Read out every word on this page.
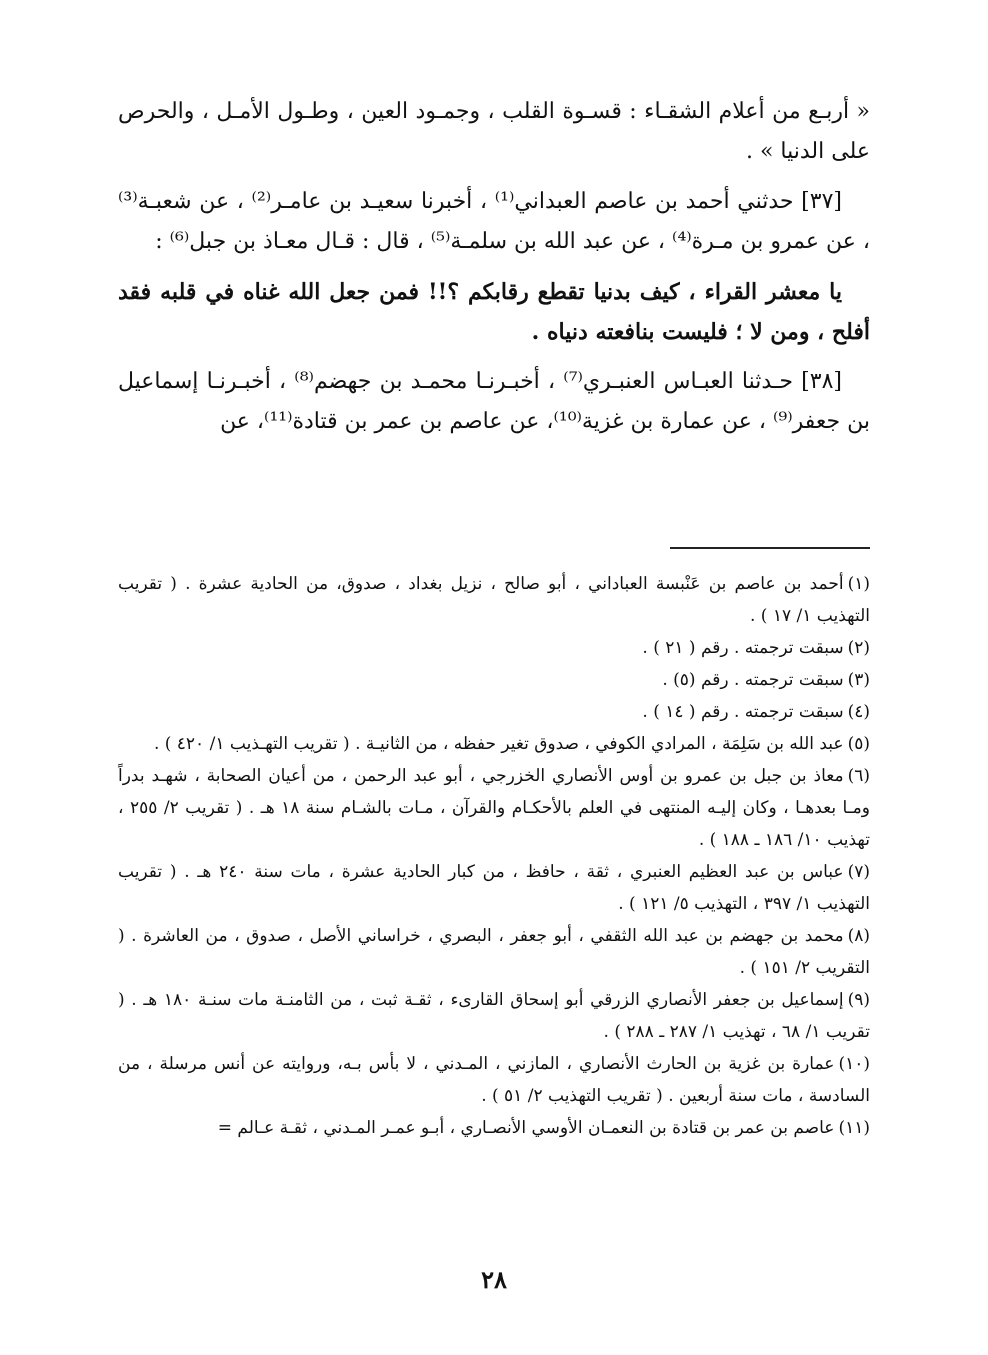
« أربـع من أعلام الشقـاء : قسـوة القلب ، وجمـود العين ، وطـول الأمـل ، والحرص على الدنيا » .

[٣٧] حدثني أحمد بن عاصم العبداني⁽¹⁾ ، أخبرنا سعيـد بن عامـر⁽²⁾ ، عن شعبـة⁽³⁾ ، عن عمرو بن مـرة⁽⁴⁾ ، عن عبد الله بن سلمـة⁽⁵⁾ ، قال : قـال معـاذ بن جبل⁽⁶⁾ :

يا معشر القراء ، كيف بدنيا تقطع رقابكم ؟!! فمن جعل الله غناه في قلبه فقد أفلح ، ومن لا ؛ فليست بنافعته دنياه .

[٣٨] حـدثنا العبـاس العنبـري⁽⁷⁾ ، أخبـرنـا محمـد بن جهضم⁽⁸⁾ ، أخبـرنـا إسماعيل بن جعفر⁽⁹⁾ ، عن عمارة بن غزية⁽¹⁰⁾، عن عاصم بن عمر بن قتادة⁽¹¹⁾، عن

(١)أحمد بن عاصم بن عَنْبسة العباداني ، أبو صالح ، نزيل بغداد ، صدوق، من الحادية عشرة . ( تقريب التهذيب ١/ ١٧ ) .
(٢)سبقت ترجمته . رقم ( ٢١ ) .
(٣)سبقت ترجمته . رقم (٥) .
(٤)سبقت ترجمته . رقم ( ١٤ ) .
(٥)عبد الله بن سَلِمَة ، المرادي الكوفي ، صدوق تغير حفظه ، من الثانيـة . ( تقريب التهـذيب ١/ ٤٢٠ ) .
(٦)معاذ بن جبل بن عمرو بن أوس الأنصاري الخزرجي ، أبو عبد الرحمن ، من أعيان الصحابة ، شهـد بدراً ومـا بعدهـا ، وكان إليـه المنتهى في العلم بالأحكـام والقرآن ، مـات بالشـام سنة ١٨ هـ . ( تقريب ٢/ ٢٥٥ ، تهذيب ١٠/ ١٨٦ ـ ١٨٨ ) .
(٧)عباس بن عبد العظيم العنبري ، ثقة ، حافظ ، من كبار الحادية عشرة ، مات سنة ٢٤٠ هـ . ( تقريب التهذيب ١/ ٣٩٧ ، التهذيب ٥/ ١٢١ ) .
(٨)محمد بن جهضم بن عبد الله الثقفي ، أبو جعفر ، البصري ، خراساني الأصل ، صدوق ، من العاشرة . ( التقريب ٢/ ١٥١ ) .
(٩)إسماعيل بن جعفر الأنصاري الزرقي أبو إسحاق القارىء ، ثقـة ثبت ، من الثامنـة مات سنـة ١٨٠ هـ . ( تقريب ١/ ٦٨ ، تهذيب ١/ ٢٨٧ ـ ٢٨٨ ) .
(١٠)عمارة بن غزية بن الحارث الأنصاري ، المازني ، المـدني ، لا بأس بـه، وروايته عن أنس مرسلة ، من السادسة ، مات سنة أربعين . ( تقريب التهذيب ٢/ ٥١ ) .
(١١)عاصم بن عمر بن قتادة بن النعمـان الأوسي الأنصـاري ، أبـو عمـر المـدني ، ثقـة عـالم =
٢٨
